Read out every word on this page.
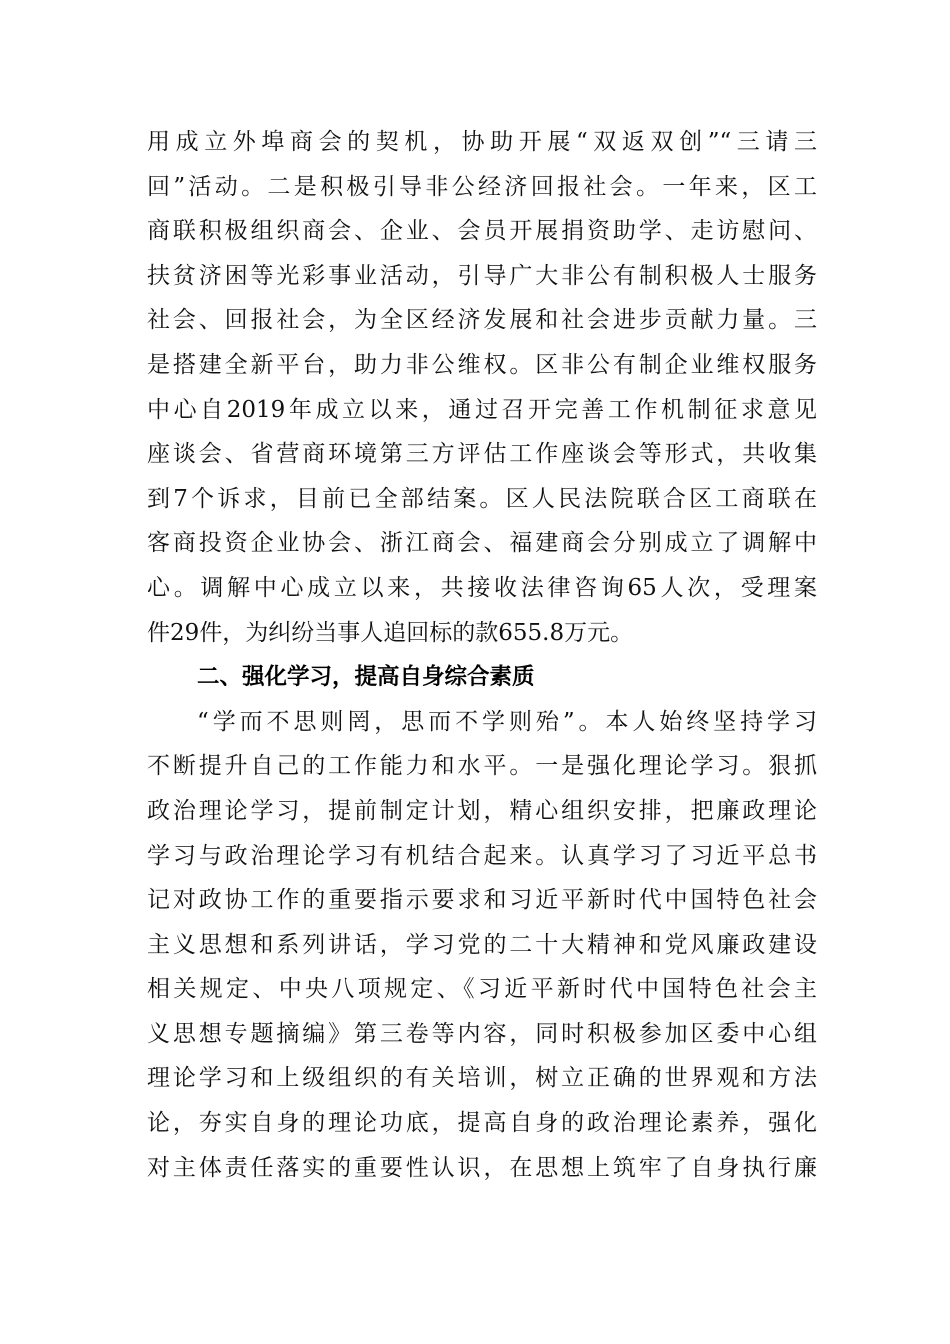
用成立外埠商会的契机，协助开展“双返双创”“三请三
回”活动。二是积极引导非公经济回报社会。一年来，区工
商联积极组织商会、企业、会员开展捐资助学、走访慰问、
扶贫济困等光彩事业活动，引导广大非公有制积极人士服务
社会、回报社会，为全区经济发展和社会进步贡献力量。三
是搭建全新平台，助力非公维权。区非公有制企业维权服务
中心自2019年成立以来，通过召开完善工作机制征求意见
座谈会、省营商环境第三方评估工作座谈会等形式，共收集
到7个诉求，目前已全部结案。区人民法院联合区工商联在
客商投资企业协会、浙江商会、福建商会分别成立了调解中
心。调解中心成立以来，共接收法律咨询65人次，受理案
件29件，为纠纷当事人追回标的款655.8万元。
二、强化学习，提高自身综合素质
“学而不思则罔，思而不学则殆”。本人始终坚持学习
不断提升自己的工作能力和水平。一是强化理论学习。狠抓
政治理论学习，提前制定计划，精心组织安排，把廉政理论
学习与政治理论学习有机结合起来。认真学习了习近平总书
记对政协工作的重要指示要求和习近平新时代中国特色社会
主义思想和系列讲话，学习党的二十大精神和党风廉政建设
相关规定、中央八项规定、《习近平新时代中国特色社会主
义思想专题摘编》第三卷等内容，同时积极参加区委中心组
理论学习和上级组织的有关培训，树立正确的世界观和方法
论，夯实自身的理论功底，提高自身的政治理论素养，强化
对主体责任落实的重要性认识，在思想上筑牢了自身执行廉
